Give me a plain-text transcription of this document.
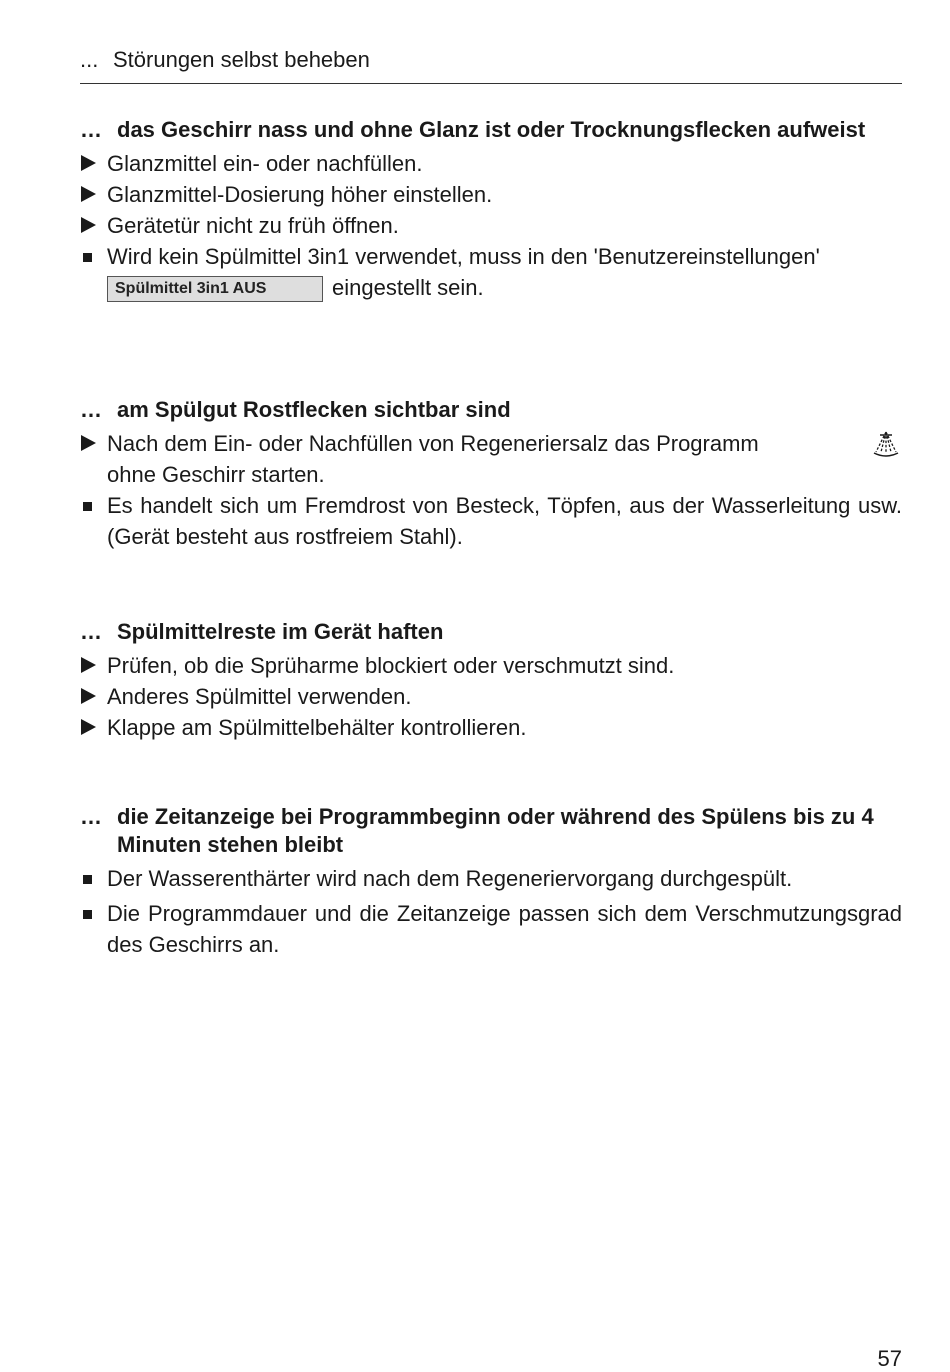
... Störungen selbst beheben
… das Geschirr nass und ohne Glanz ist oder Trocknungsflecken aufweist
Glanzmittel ein- oder nachfüllen.
Glanzmittel-Dosierung höher einstellen.
Gerätetür nicht zu früh öffnen.
Wird kein Spülmittel 3in1 verwendet, muss in den 'Benutzereinstellungen'
Spülmittel 3in1 AUS	eingestellt sein.
… am Spülgut Rostflecken sichtbar sind
Nach dem Ein- oder Nachfüllen von Regeneriersalz das Programm
ohne Geschirr starten.
Es handelt sich um Fremdrost von Besteck, Töpfen, aus der Wasserleitung usw. (Gerät besteht aus rostfreiem Stahl).
… Spülmittelreste im Gerät haften
Prüfen, ob die Sprüharme blockiert oder verschmutzt sind.
Anderes Spülmittel verwenden.
Klappe am Spülmittelbehälter kontrollieren.
… die Zeitanzeige bei Programmbeginn oder während des Spülens bis zu 4 Minuten stehen bleibt
Der Wasserenthärter wird nach dem Regeneriervorgang durchgespült.
Die Programmdauer und die Zeitanzeige passen sich dem Verschmutzungsgrad des Geschirrs an.
57
